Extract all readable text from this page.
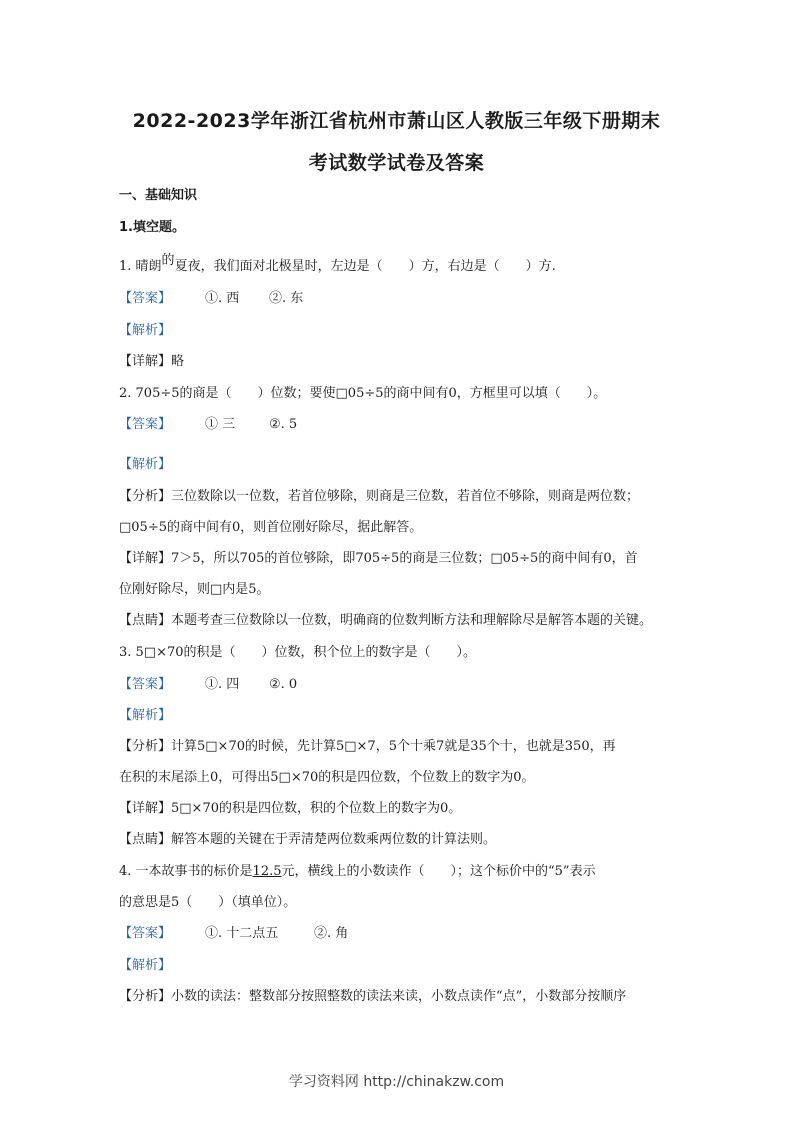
2022-2023学年浙江省杭州市萧山区人教版三年级下册期末
考试数学试卷及答案
一、基础知识
1.填空题。
1. 晴朗的夏夜，我们面对北极星时，左边是（　　）方，右边是（　　）方.
【答案】	①. 西 ②. 东
【解析】
【详解】略
2. 705÷5的商是（　　）位数；要使□05÷5的商中间有0，方框里可以填（　　）。
【答案】	① 三	②. 5
【解析】
【分析】三位数除以一位数，若首位够除，则商是三位数，若首位不够除，则商是两位数；
□05÷5的商中间有0，则首位刚好除尽，据此解答。
【详解】7＞5，所以705的首位够除，即705÷5的商是三位数；□05÷5的商中间有0，首
位刚好除尽，则□内是5。
【点睛】本题考查三位数除以一位数，明确商的位数判断方法和理解除尽是解答本题的关键。
3. 5□×70的积是（　　）位数，积个位上的数字是（　　）。
【答案】	①. 四 ②. 0
【解析】
【分析】计算5□×70的时候，先计算5□×7，5个十乘7就是35个十，也就是350，再
在积的末尾添上0，可得出5□×70的积是四位数，个位数上的数字为0。
【详解】5□×70的积是四位数，积的个位数上的数字为0。
【点睛】解答本题的关键在于弄清楚两位数乘两位数的计算法则。
4. 一本故事书的标价是12.5元，横线上的小数读作（　　）；这个标价中的“5”表示
的意思是5（　　）（填单位）。
【答案】	①. 十二点五	②. 角
【解析】
【分析】小数的读法：整数部分按照整数的读法来读，小数点读作“点”，小数部分按顺序
学习资料网 http://chinakzw.com
